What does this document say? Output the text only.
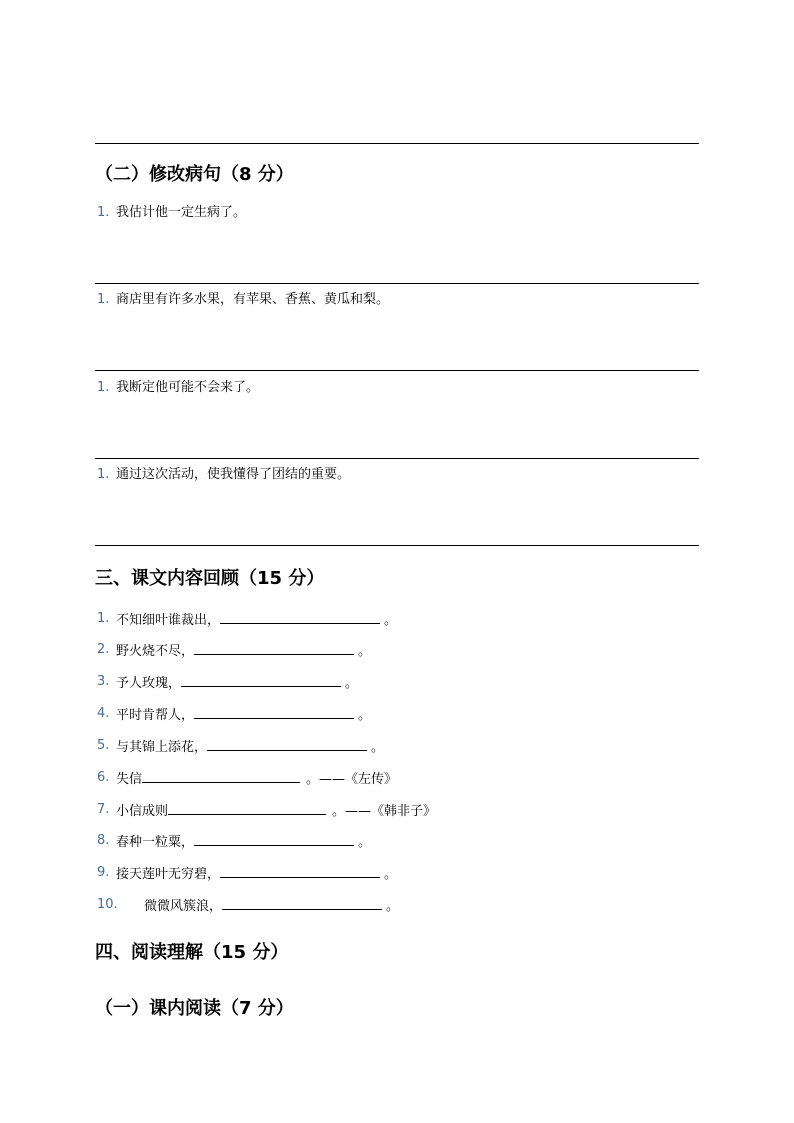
（二）修改病句（8 分）
1. 我估计他一定生病了。
1. 商店里有许多水果，有苹果、香蕉、黄瓜和梨。
1. 我断定他可能不会来了。
1. 通过这次活动，使我懂得了团结的重要。
三、课文内容回顾（15 分）
1. 不知细叶谁裁出，	。
2. 野火烧不尽，	。
3. 予人玫瑰，	。
4. 平时肯帮人，	。
5. 与其锦上添花，	。
6. 失信	。——《左传》
7. 小信成则	。——《韩非子》
8. 春种一粒粟，	。
9. 接天莲叶无穷碧，	。
10. 微微风簇浪，	。
四、阅读理解（15 分）
（一）课内阅读（7 分）
